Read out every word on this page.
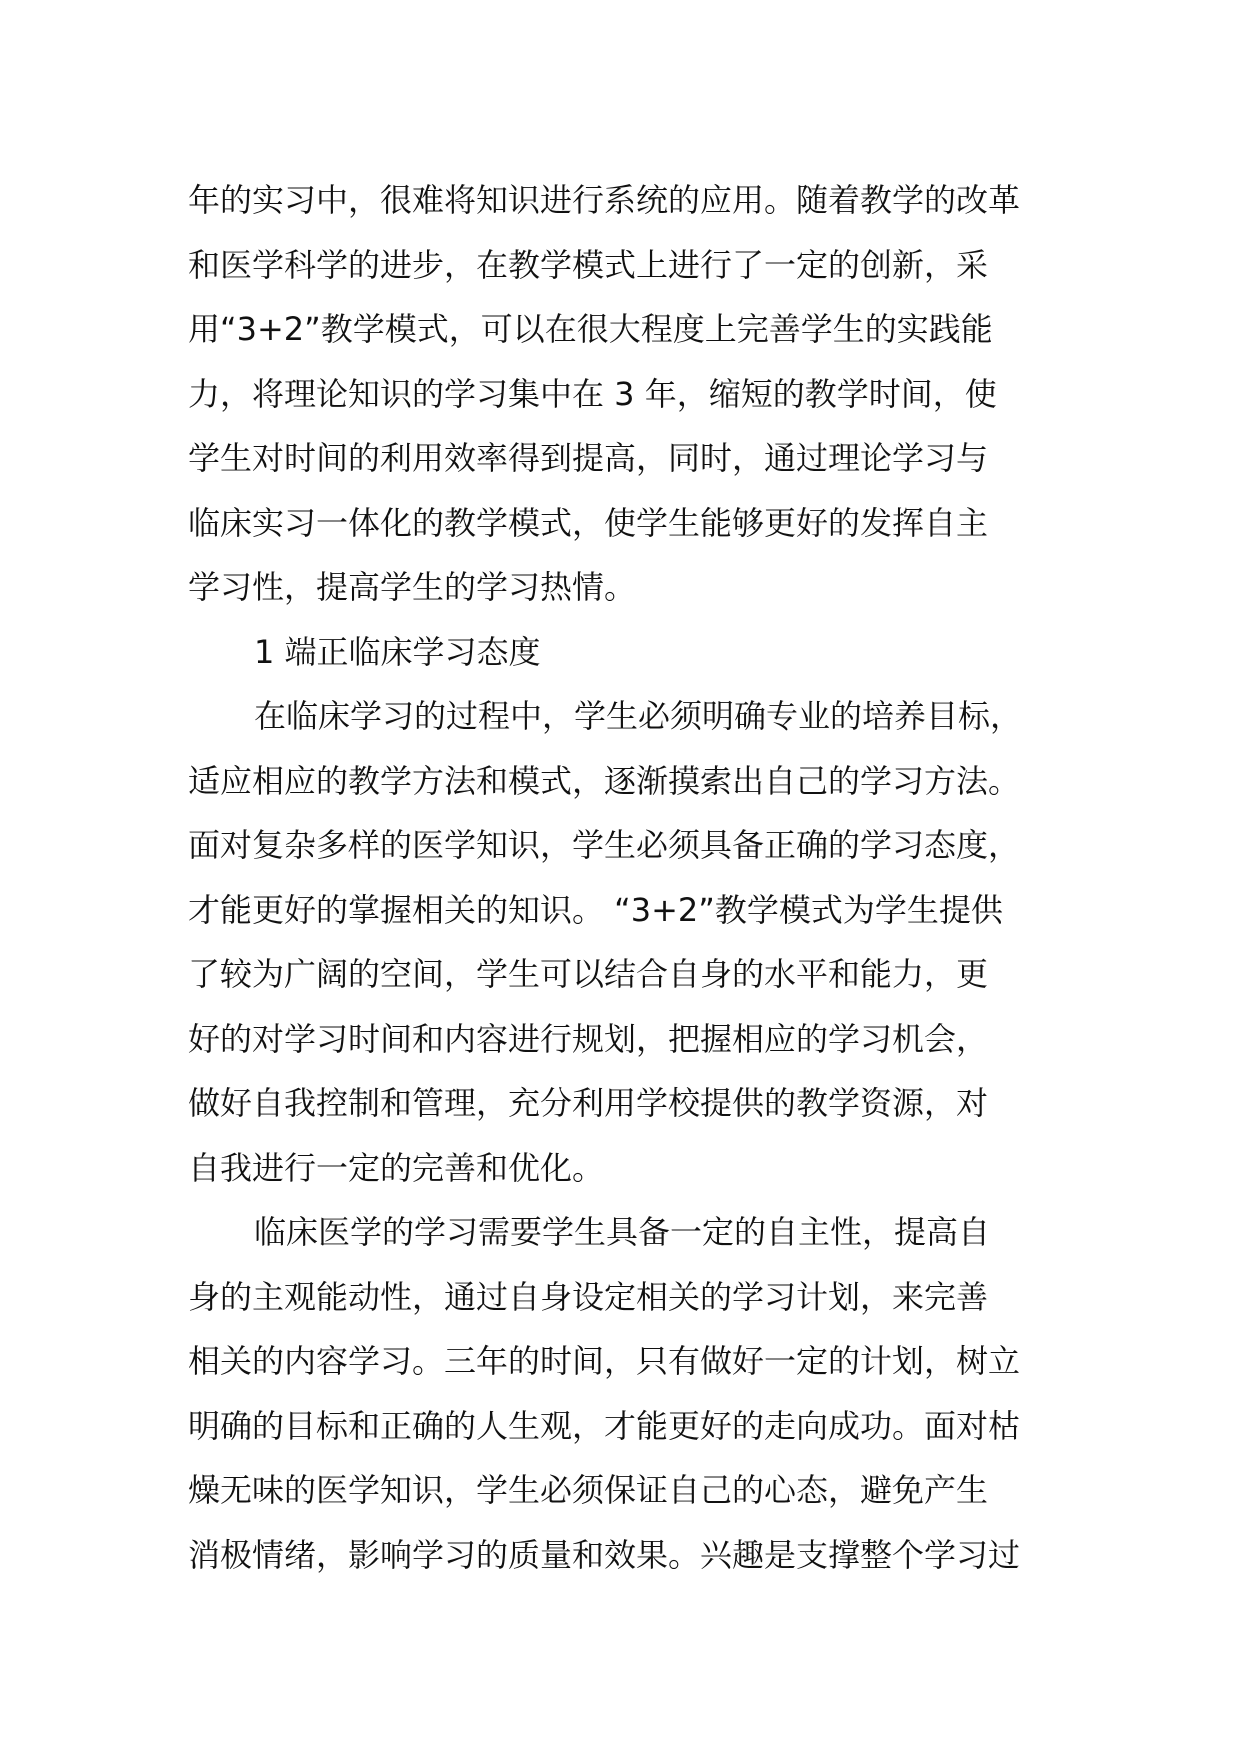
年的实习中，很难将知识进行系统的应用。随着教学的改革
和医学科学的进步，在教学模式上进行了一定的创新，采
用“3+2”教学模式，可以在很大程度上完善学生的实践能
力，将理论知识的学习集中在 3 年，缩短的教学时间，使
学生对时间的利用效率得到提高，同时，通过理论学习与
临床实习一体化的教学模式，使学生能够更好的发挥自主
学习性，提高学生的学习热情。
1 端正临床学习态度
在临床学习的过程中，学生必须明确专业的培养目标，
适应相应的教学方法和模式，逐渐摸索出自己的学习方法。
面对复杂多样的医学知识，学生必须具备正确的学习态度，
才能更好的掌握相关的知识。 “3+2”教学模式为学生提供
了较为广阔的空间，学生可以结合自身的水平和能力，更
好的对学习时间和内容进行规划，把握相应的学习机会，
做好自我控制和管理，充分利用学校提供的教学资源，对
自我进行一定的完善和优化。
临床医学的学习需要学生具备一定的自主性，提高自
身的主观能动性，通过自身设定相关的学习计划，来完善
相关的内容学习。三年的时间，只有做好一定的计划，树立
明确的目标和正确的人生观，才能更好的走向成功。面对枯
燥无味的医学知识，学生必须保证自己的心态，避免产生
消极情绪，影响学习的质量和效果。兴趣是支撑整个学习过
